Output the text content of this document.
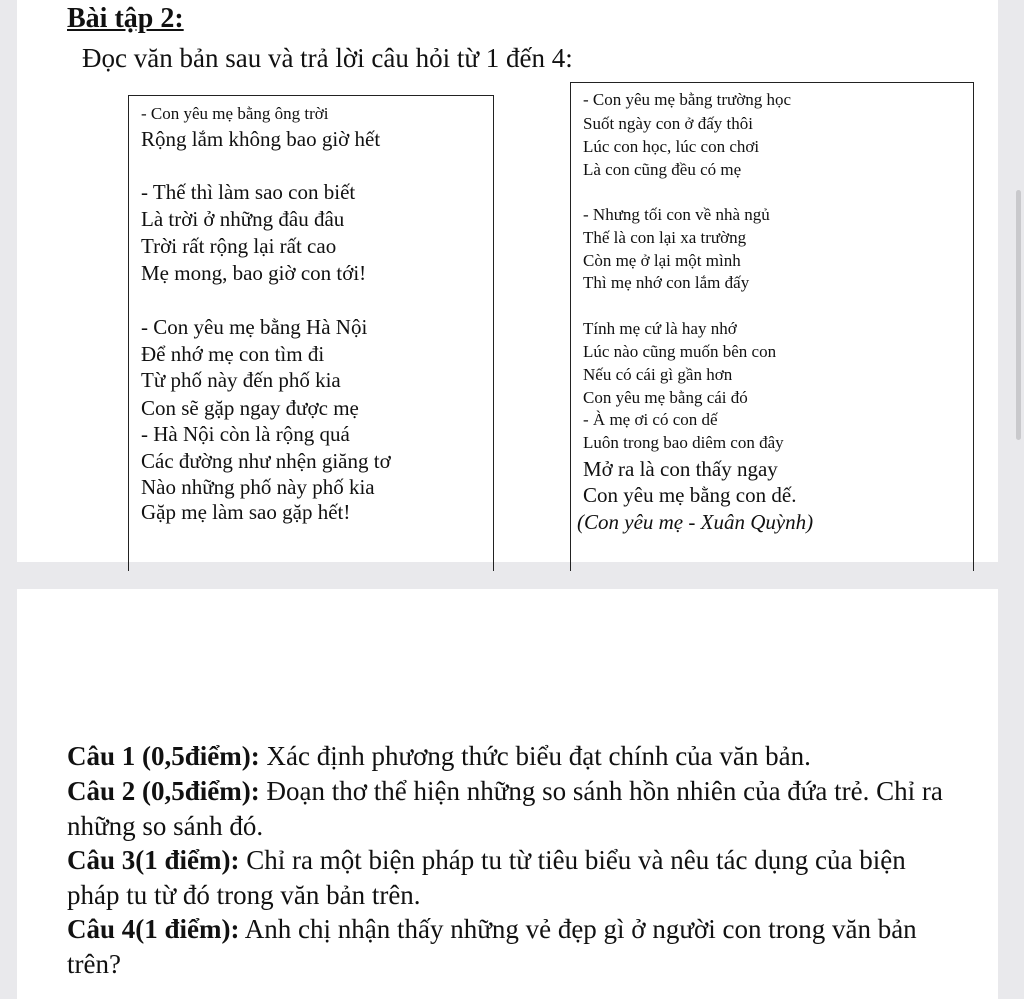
Bài tập 2:

Đọc văn bản sau và trả lời câu hỏi từ 1 đến 4:

- Con yêu mẹ bằng ông trời
Rộng lắm không bao giờ hết
- Thế thì làm sao con biết
Là trời ở những đâu đâu
Trời rất rộng lại rất cao
Mẹ mong, bao giờ con tới!
- Con yêu mẹ bằng Hà Nội
Để nhớ mẹ con tìm đi
Từ phố này đến phố kia
Con sẽ gặp ngay được mẹ
- Hà Nội còn là rộng quá
Các đường như nhện giăng tơ
Nào những phố này phố kia
Gặp mẹ làm sao gặp hết!
- Con yêu mẹ bằng trường học
Suốt ngày con ở đấy thôi
Lúc con học, lúc con chơi
Là con cũng đều có mẹ
- Nhưng tối con về nhà ngủ
Thế là con lại xa trường
Còn mẹ ở lại một mình
Thì mẹ nhớ con lắm đấy
Tính mẹ cứ là hay nhớ
Lúc nào cũng muốn bên con
Nếu có cái gì gần hơn
Con yêu mẹ bằng cái đó
- À mẹ ơi có con dế
Luôn trong bao diêm con đây
Mở ra là con thấy ngay
Con yêu mẹ bằng con dế.
(Con yêu mẹ - Xuân Quỳnh)

Câu 1 (0,5điểm): Xác định phương thức biểu đạt chính của văn bản.

Câu 2 (0,5điểm): Đoạn thơ thể hiện những so sánh hồn nhiên của đứa trẻ. Chỉ ra những so sánh đó.

Câu 3(1 điểm): Chỉ ra một biện pháp tu từ tiêu biểu và nêu tác dụng của biện pháp tu từ đó trong văn bản trên.

Câu 4(1 điểm): Anh chị nhận thấy những vẻ đẹp gì ở người con trong văn bản trên?
